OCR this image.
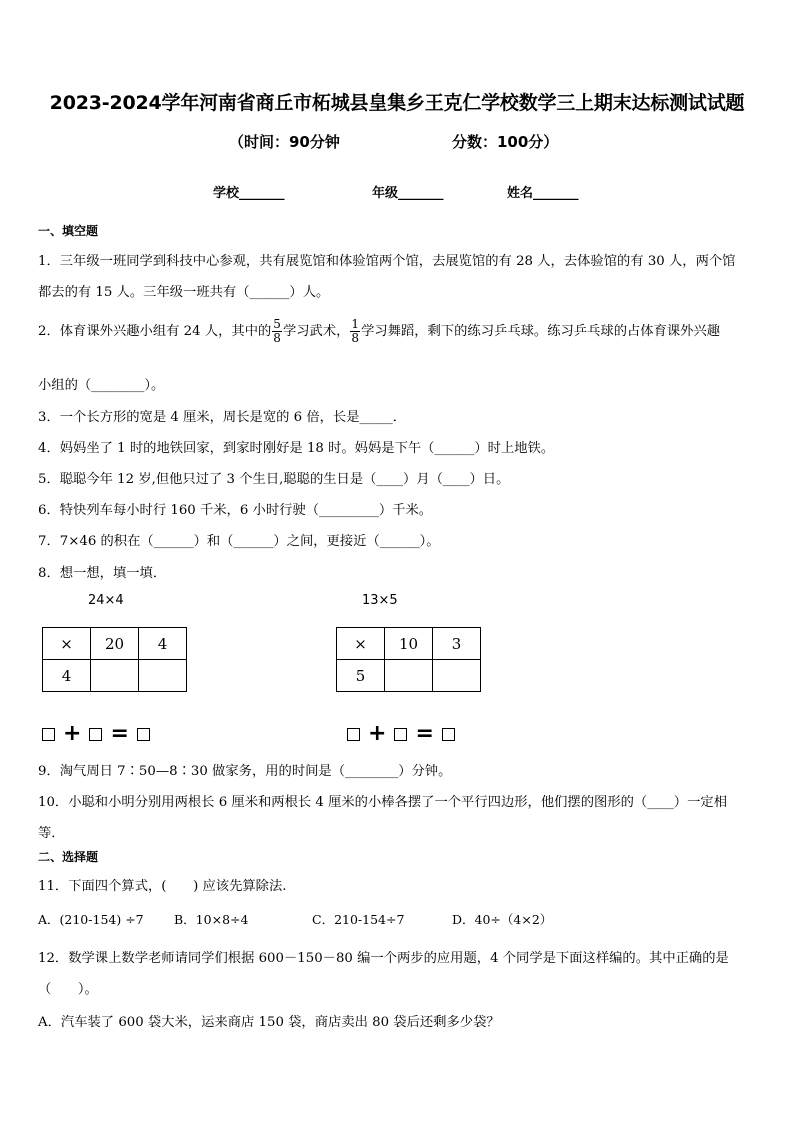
2023-2024学年河南省商丘市柘城县皇集乡王克仁学校数学三上期末达标测试试题
（时间：90分钟	分数：100分）
学校_______	年级_______	姓名_______
一、填空题
1．三年级一班同学到科技中心参观，共有展览馆和体验馆两个馆，去展览馆的有 28 人，去体验馆的有 30 人，两个馆
都去的有 15 人。三年级一班共有（______）人。
2．体育课外兴趣小组有 24 人，其中的 $\frac{5}{8}$ 学习武术， $\frac{1}{8}$ 学习舞蹈，剩下的练习乒乓球。练习乒乓球的占体育课外兴趣
小组的（________）。
3．一个长方形的宽是 4 厘米，周长是宽的 6 倍，长是_____．
4．妈妈坐了 1 时的地铁回家，到家时刚好是 18 时。妈妈是下午（______）时上地铁。
5．聪聪今年 12 岁,但他只过了 3 个生日,聪聪的生日是（____）月（____）日。
6．特快列车每小时行 160 千米，6 小时行驶（_________）千米。
7．7×46 的积在（______）和（______）之间，更接近（______）。
8．想一想，填一填．
24×4	13×5
×	20	4
4		
×	10	3
5		
+ =	+ =
9．淘气周日 7∶50—8∶30 做家务，用的时间是（________）分钟。
10．小聪和小明分别用两根长 6 厘米和两根长 4 厘米的小棒各摆了一个平行四边形，他们摆的图形的（____）一定相
等．
二、选择题
11．下面四个算式，(　　) 应该先算除法.
A．(210-154) ÷7 B．10×8÷4	C．210-154÷7	D．40÷（4×2）
12．数学课上数学老师请同学们根据 600－150－80 编一个两步的应用题，4 个同学是下面这样编的。其中正确的是
（　　）。
A．汽车装了 600 袋大米，运来商店 150 袋，商店卖出 80 袋后还剩多少袋？
